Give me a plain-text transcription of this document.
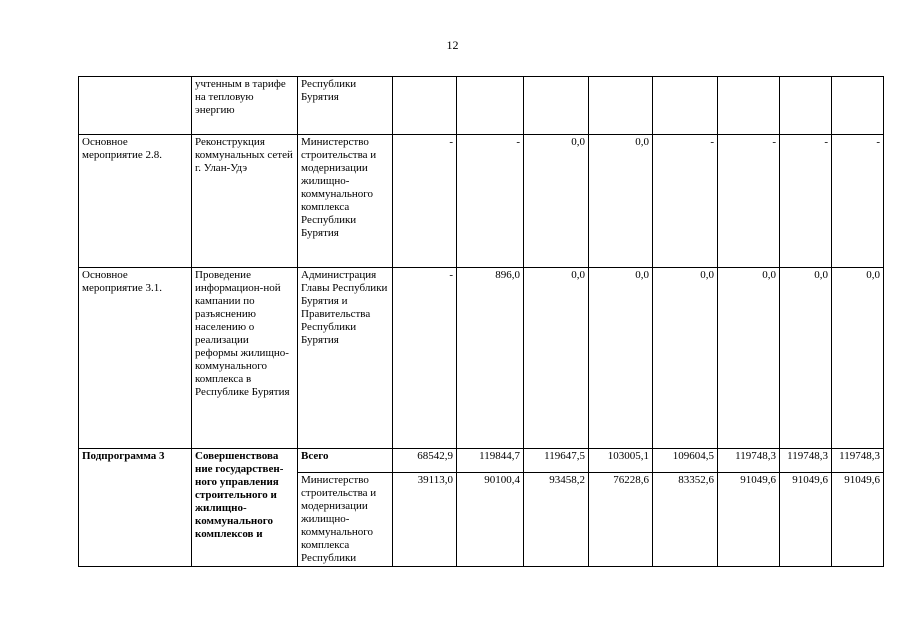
12
	учтенным в тарифе на тепловую энергию	Республики Бурятия								
Основное мероприятие 2.8.	Реконструкция коммунальных сетей г. Улан-Удэ	Министерство строительства и модернизации жилищно-коммунального комплекса Республики Бурятия	-	-	0,0	0,0	-	-	-	-
Основное мероприятие 3.1.	Проведение информацион-ной кампании по разъяснению населению о реализации реформы жилищно-коммунального комплекса в Республике Бурятия	Администрация Главы Республики Бурятия и Правительства Республики Бурятия	-	896,0	0,0	0,0	0,0	0,0	0,0	0,0
Подпрограмма 3	Совершенствова ние государствен-ного управления строительного и жилищно-коммунального комплексов и	Всего	68542,9	119844,7	119647,5	103005,1	109604,5	119748,3	119748,3	119748,3
		Министерство строительства и модернизации жилищно-коммунального комплекса Республики	39113,0	90100,4	93458,2	76228,6	83352,6	91049,6	91049,6	91049,6
